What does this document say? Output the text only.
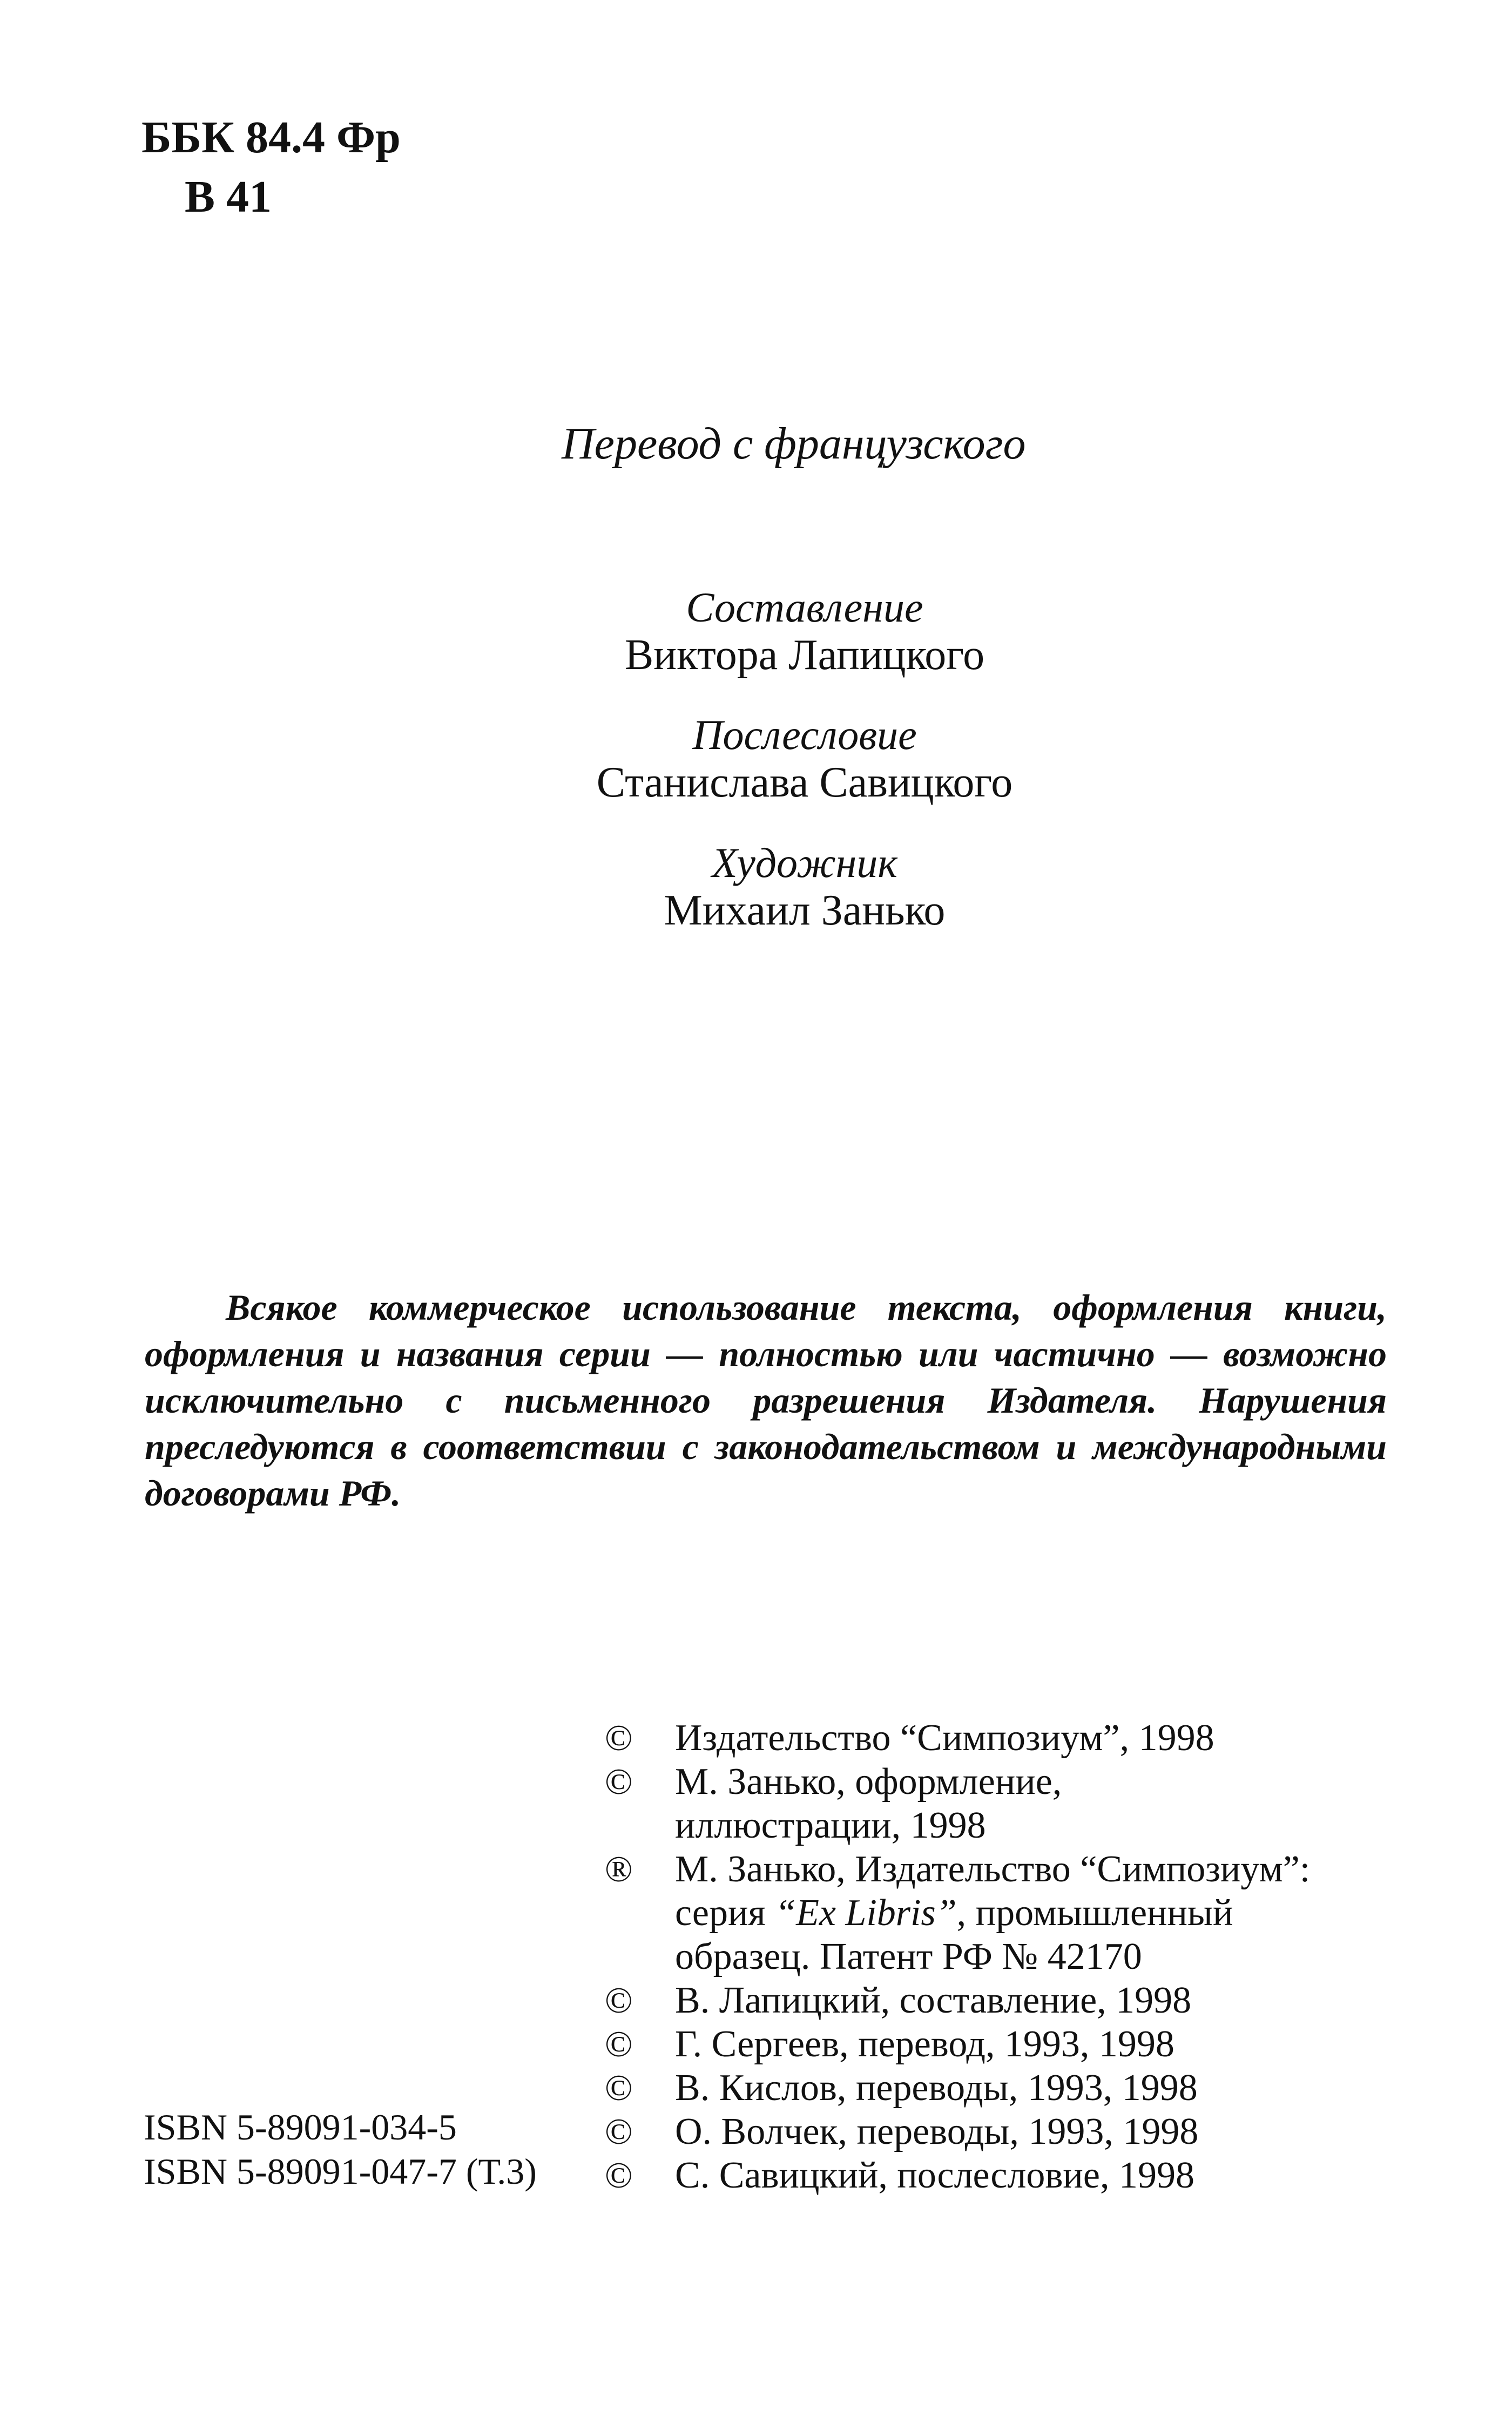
ББК 84.4 Фр
В 41
Перевод с французского
Составление
Виктора Лапицкого
Послесловие
Станислава Савицкого
Художник
Михаил Занько
Всякое коммерческое использование текста, оформления книги, оформления и названия серии — полностью или частично — возможно исключительно с письменного разрешения Издателя. Нарушения преследуются в соответствии с законодательством и международными договорами РФ.
©	Издательство “Симпозиум”, 1998
©	М. Занько, оформление,
иллюстрации, 1998
®	М. Занько, Издательство “Симпозиум”:
серия “Ex Libris”, промышленный
образец. Патент РФ № 42170
©	В. Лапицкий, составление, 1998
©	Г. Сергеев, перевод, 1993, 1998
©	В. Кислов, переводы, 1993, 1998
©	О. Волчек, переводы, 1993, 1998
©	С. Савицкий, послесловие, 1998
ISBN 5-89091-034-5
ISBN 5-89091-047-7 (Т.3)
